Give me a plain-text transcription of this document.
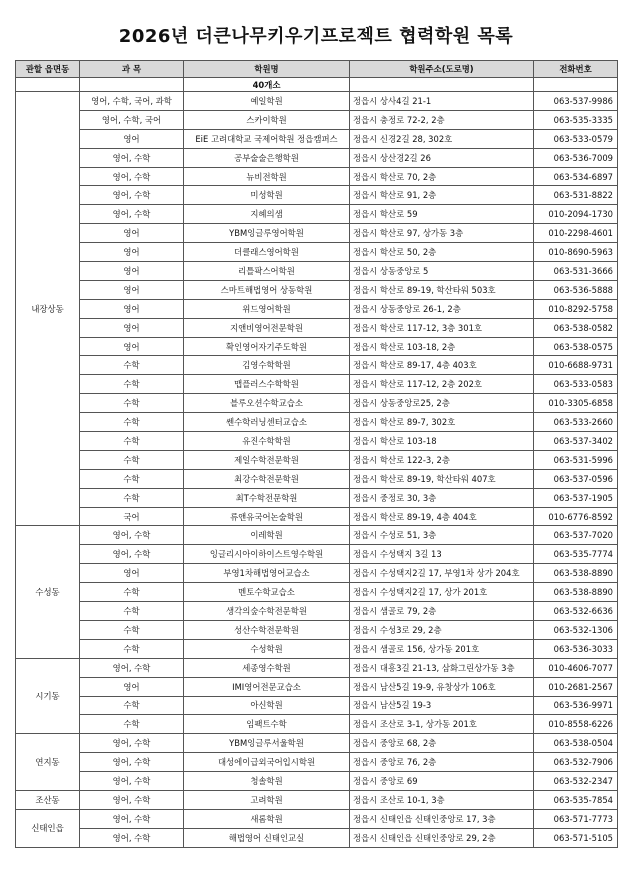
2026년 더큰나무키우기프로젝트 협력학원 목록
관할 읍면동	과 목	학원명	학원주소(도로명)	전화번호
		40개소		
내장상동	영어, 수학, 국어, 과학	예일학원	정읍시 상사4길 21-1	063-537-9986
	영어, 수학, 국어	스카이학원	정읍시 충정로 72-2, 2층	063-535-3335
	영어	EiE 고려대학교 국제어학원 정읍캠퍼스	정읍시 신경2길 28, 302호	063-533-0579
	영어, 수학	공부술술은행학원	정읍시 상산경2길 26	063-536-7009
	영어, 수학	뉴비전학원	정읍시 학산로 70, 2층	063-534-6897
	영어, 수학	미성학원	정읍시 학산로 91, 2층	063-531-8822
	영어, 수학	지혜의샘	정읍시 학산로 59	010-2094-1730
	영어	YBM잉글루영어학원	정읍시 학산로 97, 상가동 3층	010-2298-4601
	영어	더클래스영어학원	정읍시 학산로 50, 2층	010-8690-5963
	영어	리틀팍스어학원	정읍시 상동중앙로 5	063-531-3666
	영어	스마트해법영어 상동학원	정읍시 학산로 89-19, 학산타워 503호	063-536-5888
	영어	위드영어학원	정읍시 상동중앙로 26-1, 2층	010-8292-5758
	영어	지앤비영어전문학원	정읍시 학산로 117-12, 3층 301호	063-538-0582
	영어	확인영어자기주도학원	정읍시 학산로 103-18, 2층	063-538-0575
	수학	김영수학학원	정읍시 학산로 89-17, 4층 403호	010-6688-9731
	수학	맵플러스수학학원	정읍시 학산로 117-12, 2층 202호	063-533-0583
	수학	블루오션수학교습소	정읍시 상동중앙로25, 2층	010-3305-6858
	수학	쎈수학러닝센터교습소	정읍시 학산로 89-7, 302호	063-533-2660
	수학	유진수학학원	정읍시 학산로 103-18	063-537-3402
	수학	제일수학전문학원	정읍시 학산로 122-3, 2층	063-531-5996
	수학	최강수학전문학원	정읍시 학산로 89-19, 학산타워 407호	063-537-0596
	수학	최T수학전문학원	정읍시 중정로 30, 3층	063-537-1905
	국어	류앤유국어논술학원	정읍시 학산로 89-19, 4층 404호	010-6776-8592
수성동	영어, 수학	이레학원	정읍시 수성로 51, 3층	063-537-7020
	영어, 수학	잉글리시아이하이스트영수학원	정읍시 수성택지 3길 13	063-535-7774
	영어	부영1차해법영어교습소	정읍시 수성택지2길 17, 부영1차 상가 204호	063-538-8890
	수학	멘토수학교습소	정읍시 수성택지2길 17, 상가 201호	063-538-8890
	수학	생각의숲수학전문학원	정읍시 샘골로 79, 2층	063-532-6636
	수학	성산수학전문학원	정읍시 수성3로 29, 2층	063-532-1306
	수학	수성학원	정읍시 샘골로 156, 상가동 201호	063-536-3033
시기동	영어, 수학	세종영수학원	정읍시 대흥3길 21-13, 삼화그린상가동 3층	010-4606-7077
	영어	IMI영어전문교습소	정읍시 남산5길 19-9, 유창상가 106호	010-2681-2567
	수학	아신학원	정읍시 남산5길 19-3	063-536-9971
	수학	임팩트수학	정읍시 조산로 3-1, 상가동 201호	010-8558-6226
연지동	영어, 수학	YBM잉글루서울학원	정읍시 중앙로 68, 2층	063-538-0504
	영어, 수학	대성에이급외국어입시학원	정읍시 중앙로 76, 2층	063-532-7906
	영어, 수학	청솔학원	정읍시 중앙로 69	063-532-2347
조산동	영어, 수학	고려학원	정읍시 조산로 10-1, 3층	063-535-7854
신태인읍	영어, 수학	새롬학원	정읍시 신태인읍 신태인중앙로 17, 3층	063-571-7773
	영어, 수학	해법영어 신태인교실	정읍시 신태인읍 신태인중앙로 29, 2층	063-571-5105
